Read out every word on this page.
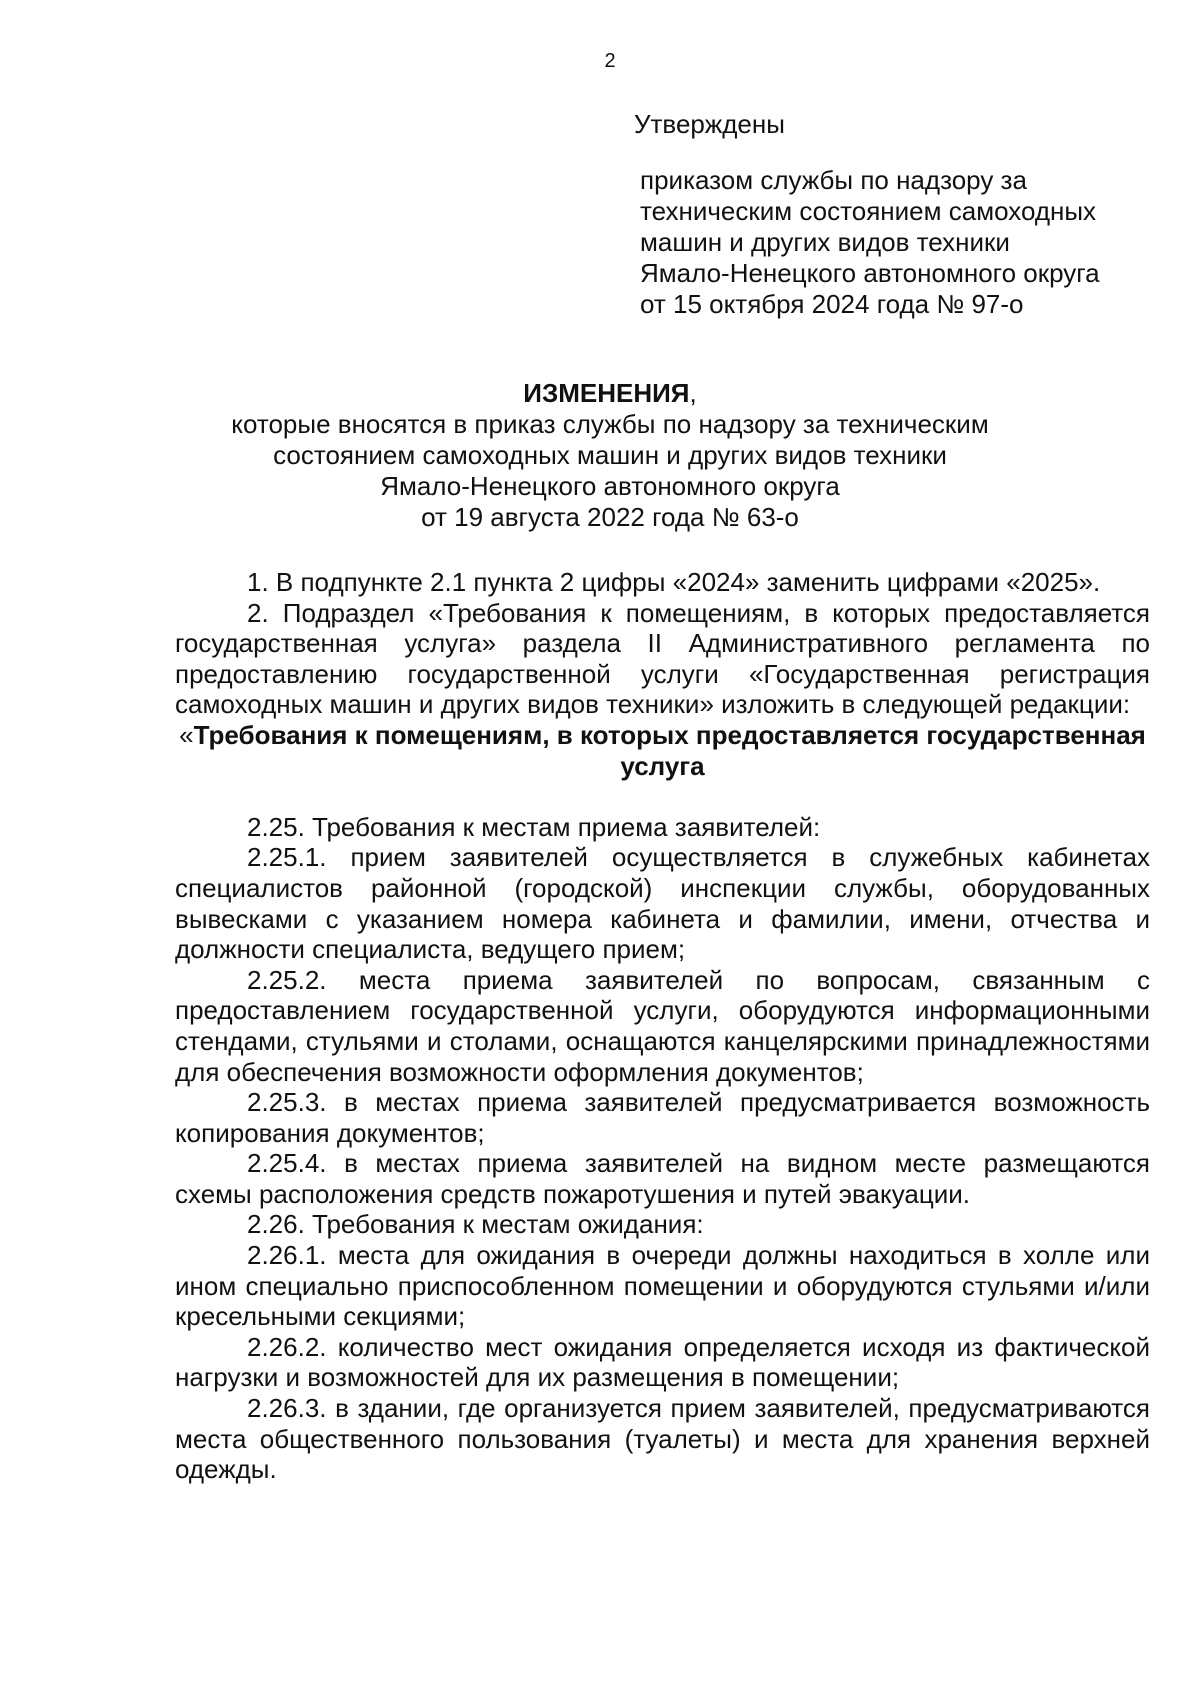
2
Утверждены
приказом службы по надзору за
техническим состоянием самоходных
машин и других видов техники
Ямало-Ненецкого автономного округа
от 15 октября 2024 года № 97-о
ИЗМЕНЕНИЯ,
которые вносятся в приказ службы по надзору за техническим
состоянием самоходных машин и других видов техники
Ямало-Ненецкого автономного округа
от 19 августа 2022 года № 63-о

1. В подпункте 2.1 пункта 2 цифры «2024» заменить цифрами «2025».

2. Подраздел «Требования к помещениям, в которых предоставляется государственная услуга» раздела II Административного регламента по предоставлению государственной услуги «Государственная регистрация самоходных машин и других видов техники» изложить в следующей редакции:

«Требования к помещениям, в которых предоставляется государственная услуга

2.25. Требования к местам приема заявителей:

2.25.1. прием заявителей осуществляется в служебных кабинетах специалистов районной (городской) инспекции службы, оборудованных вывесками с указанием номера кабинета и фамилии, имени, отчества и должности специалиста, ведущего прием;

2.25.2. места приема заявителей по вопросам, связанным с предоставлением государственной услуги, оборудуются информационными стендами, стульями и столами, оснащаются канцелярскими принадлежностями для обеспечения возможности оформления документов;

2.25.3. в местах приема заявителей предусматривается возможность копирования документов;

2.25.4. в местах приема заявителей на видном месте размещаются схемы расположения средств пожаротушения и путей эвакуации.

2.26. Требования к местам ожидания:

2.26.1. места для ожидания в очереди должны находиться в холле или ином специально приспособленном помещении и оборудуются стульями и/или кресельными секциями;

2.26.2. количество мест ожидания определяется исходя из фактической нагрузки и возможностей для их размещения в помещении;

2.26.3. в здании, где организуется прием заявителей, предусматриваются места общественного пользования (туалеты) и места для хранения верхней одежды.
